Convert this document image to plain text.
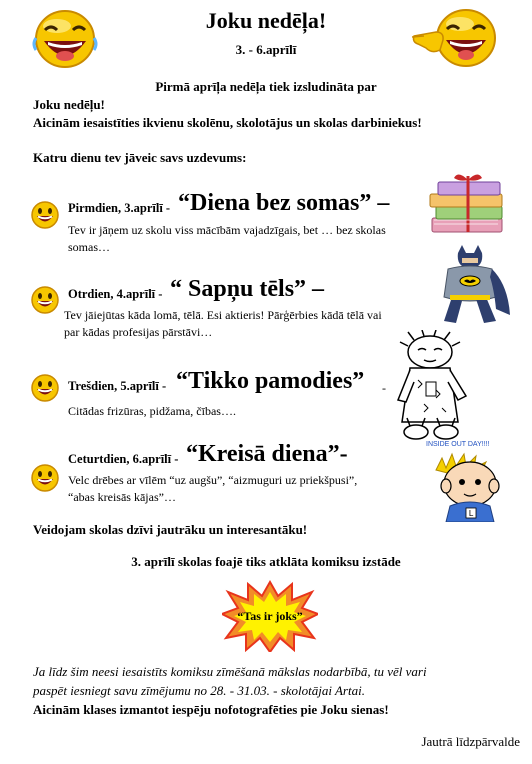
Joku nedēļa!
3. - 6.aprīlī
Pirmā aprīļa nedēļa tiek izsludināta par
Joku nedēļu!
Aicinām iesaistīties ikvienu skolēnu, skolotājus un skolas darbiniekus!
Katru dienu tev jāveic savs uzdevums:
Pirmdien, 3.aprīlī - “Diena bez somas” –
Tev ir jāņem uz skolu viss mācībām vajadzīgais, bet … bez skolas
somas…
Otrdien, 4.aprīlī - “ Sapņu tēls” –
Tev jāiejūtas kāda lomā, tēlā. Esi aktieris! Pārģērbies kādā tēlā vai
par kādas profesijas pārstāvi…
Trešdien, 5.aprīlī - “Tikko pamodies” -
Citādas frizūras, pidžama, čības….
Ceturtdien, 6.aprīlī - “Kreisā diena”-
Velc drēbes ar vīlēm “uz augšu”, “aizmuguri uz priekšpusi”,
“abas kreisās kājas”…
INSIDE OUT DAY!!!!
L
Veidojam skolas dzīvi jautrāku un interesantāku!
3. aprīlī skolas foajē tiks atklāta komiksu izstāde
“Tas ir joks”
Ja līdz šim neesi iesaistīts komiksu zīmēšanā mākslas nodarbībā, tu vēl vari
paspēt iesniegt savu zīmējumu no 28. - 31.03. - skolotājai Artai.
Aicinām klases izmantot iespēju nofotografēties pie Joku sienas!
Jautrā līdzpārvalde
